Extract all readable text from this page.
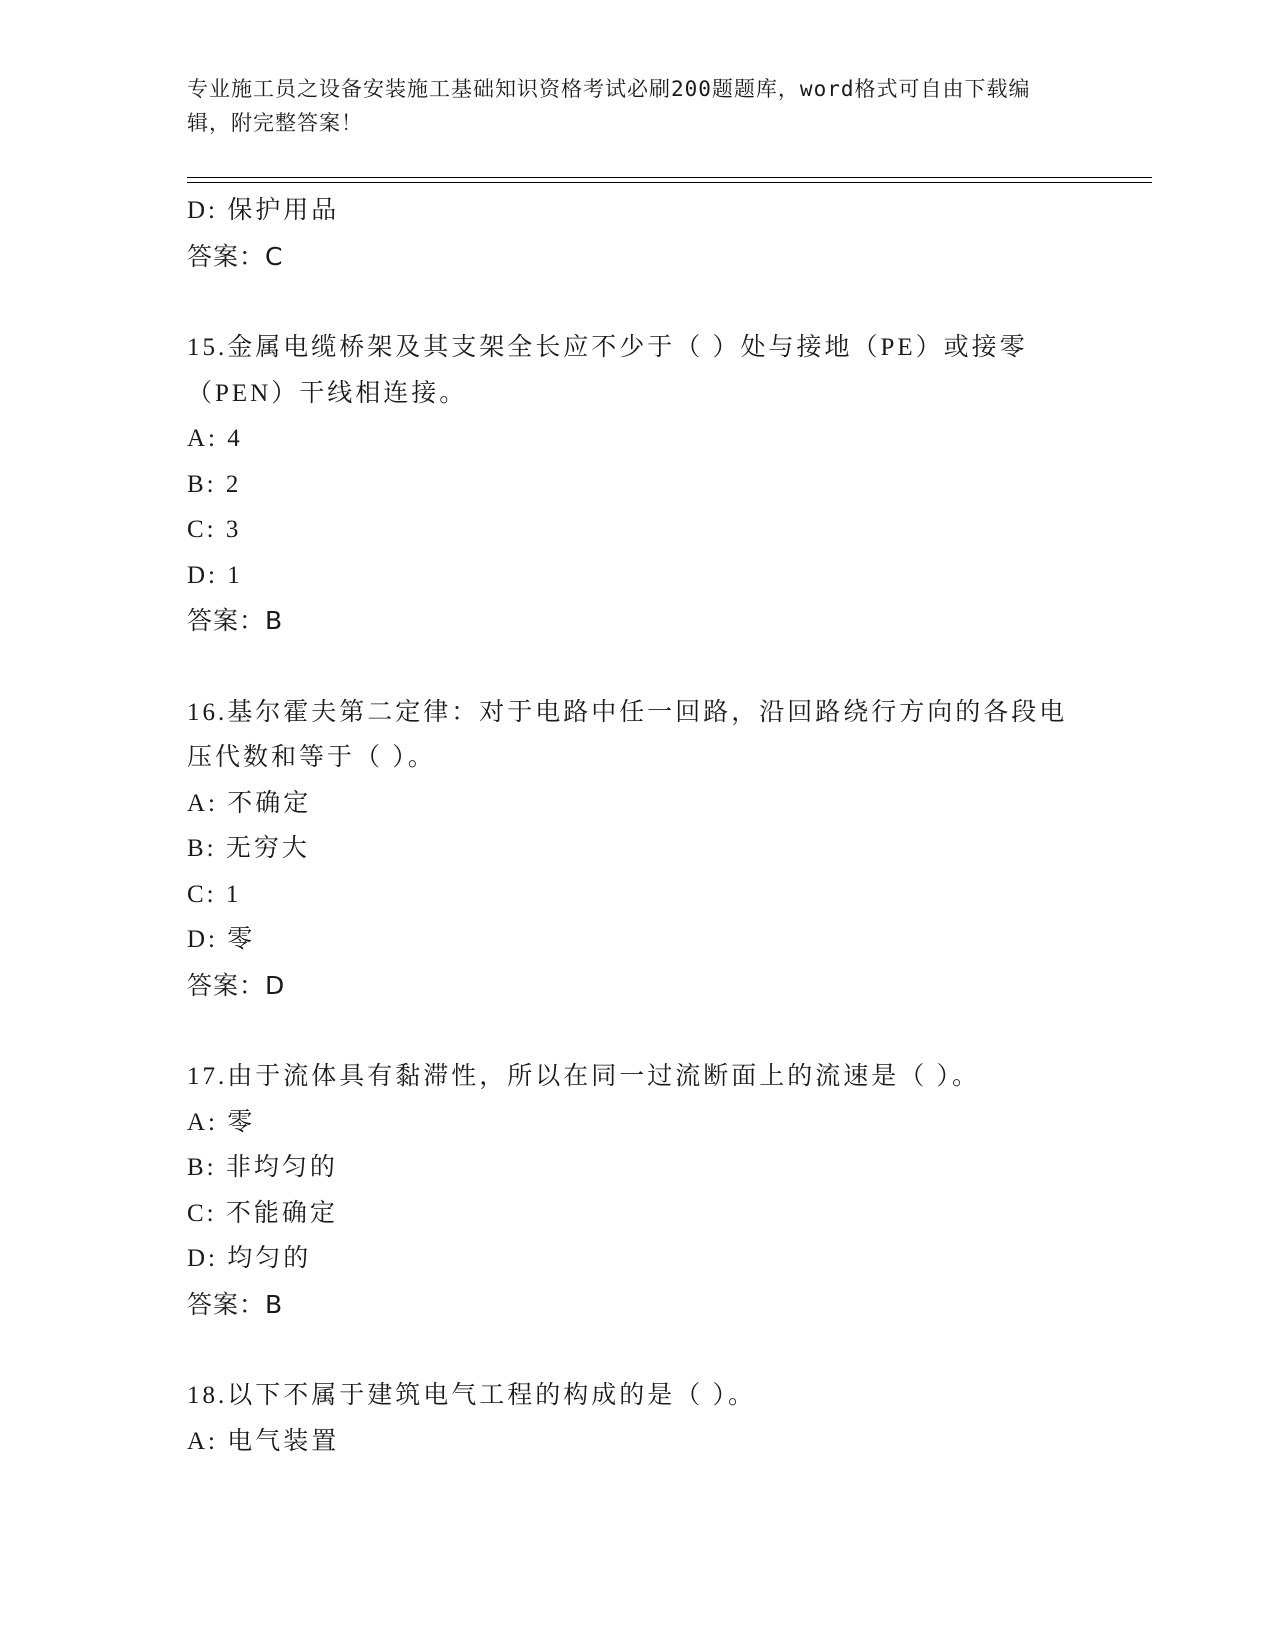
专业施工员之设备安装施工基础知识资格考试必刷200题题库，word格式可自由下载编辑，附完整答案！
D: 保护用品
答案：C
15.金属电缆桥架及其支架全长应不少于（ ）处与接地（PE）或接零（PEN）干线相连接。
A: 4
B: 2
C: 3
D: 1
答案：B
16.基尔霍夫第二定律：对于电路中任一回路，沿回路绕行方向的各段电压代数和等于（ ）。
A: 不确定
B: 无穷大
C: 1
D: 零
答案：D
17.由于流体具有黏滞性，所以在同一过流断面上的流速是（ ）。
A: 零
B: 非均匀的
C: 不能确定
D: 均匀的
答案：B
18.以下不属于建筑电气工程的构成的是（ ）。
A: 电气装置
